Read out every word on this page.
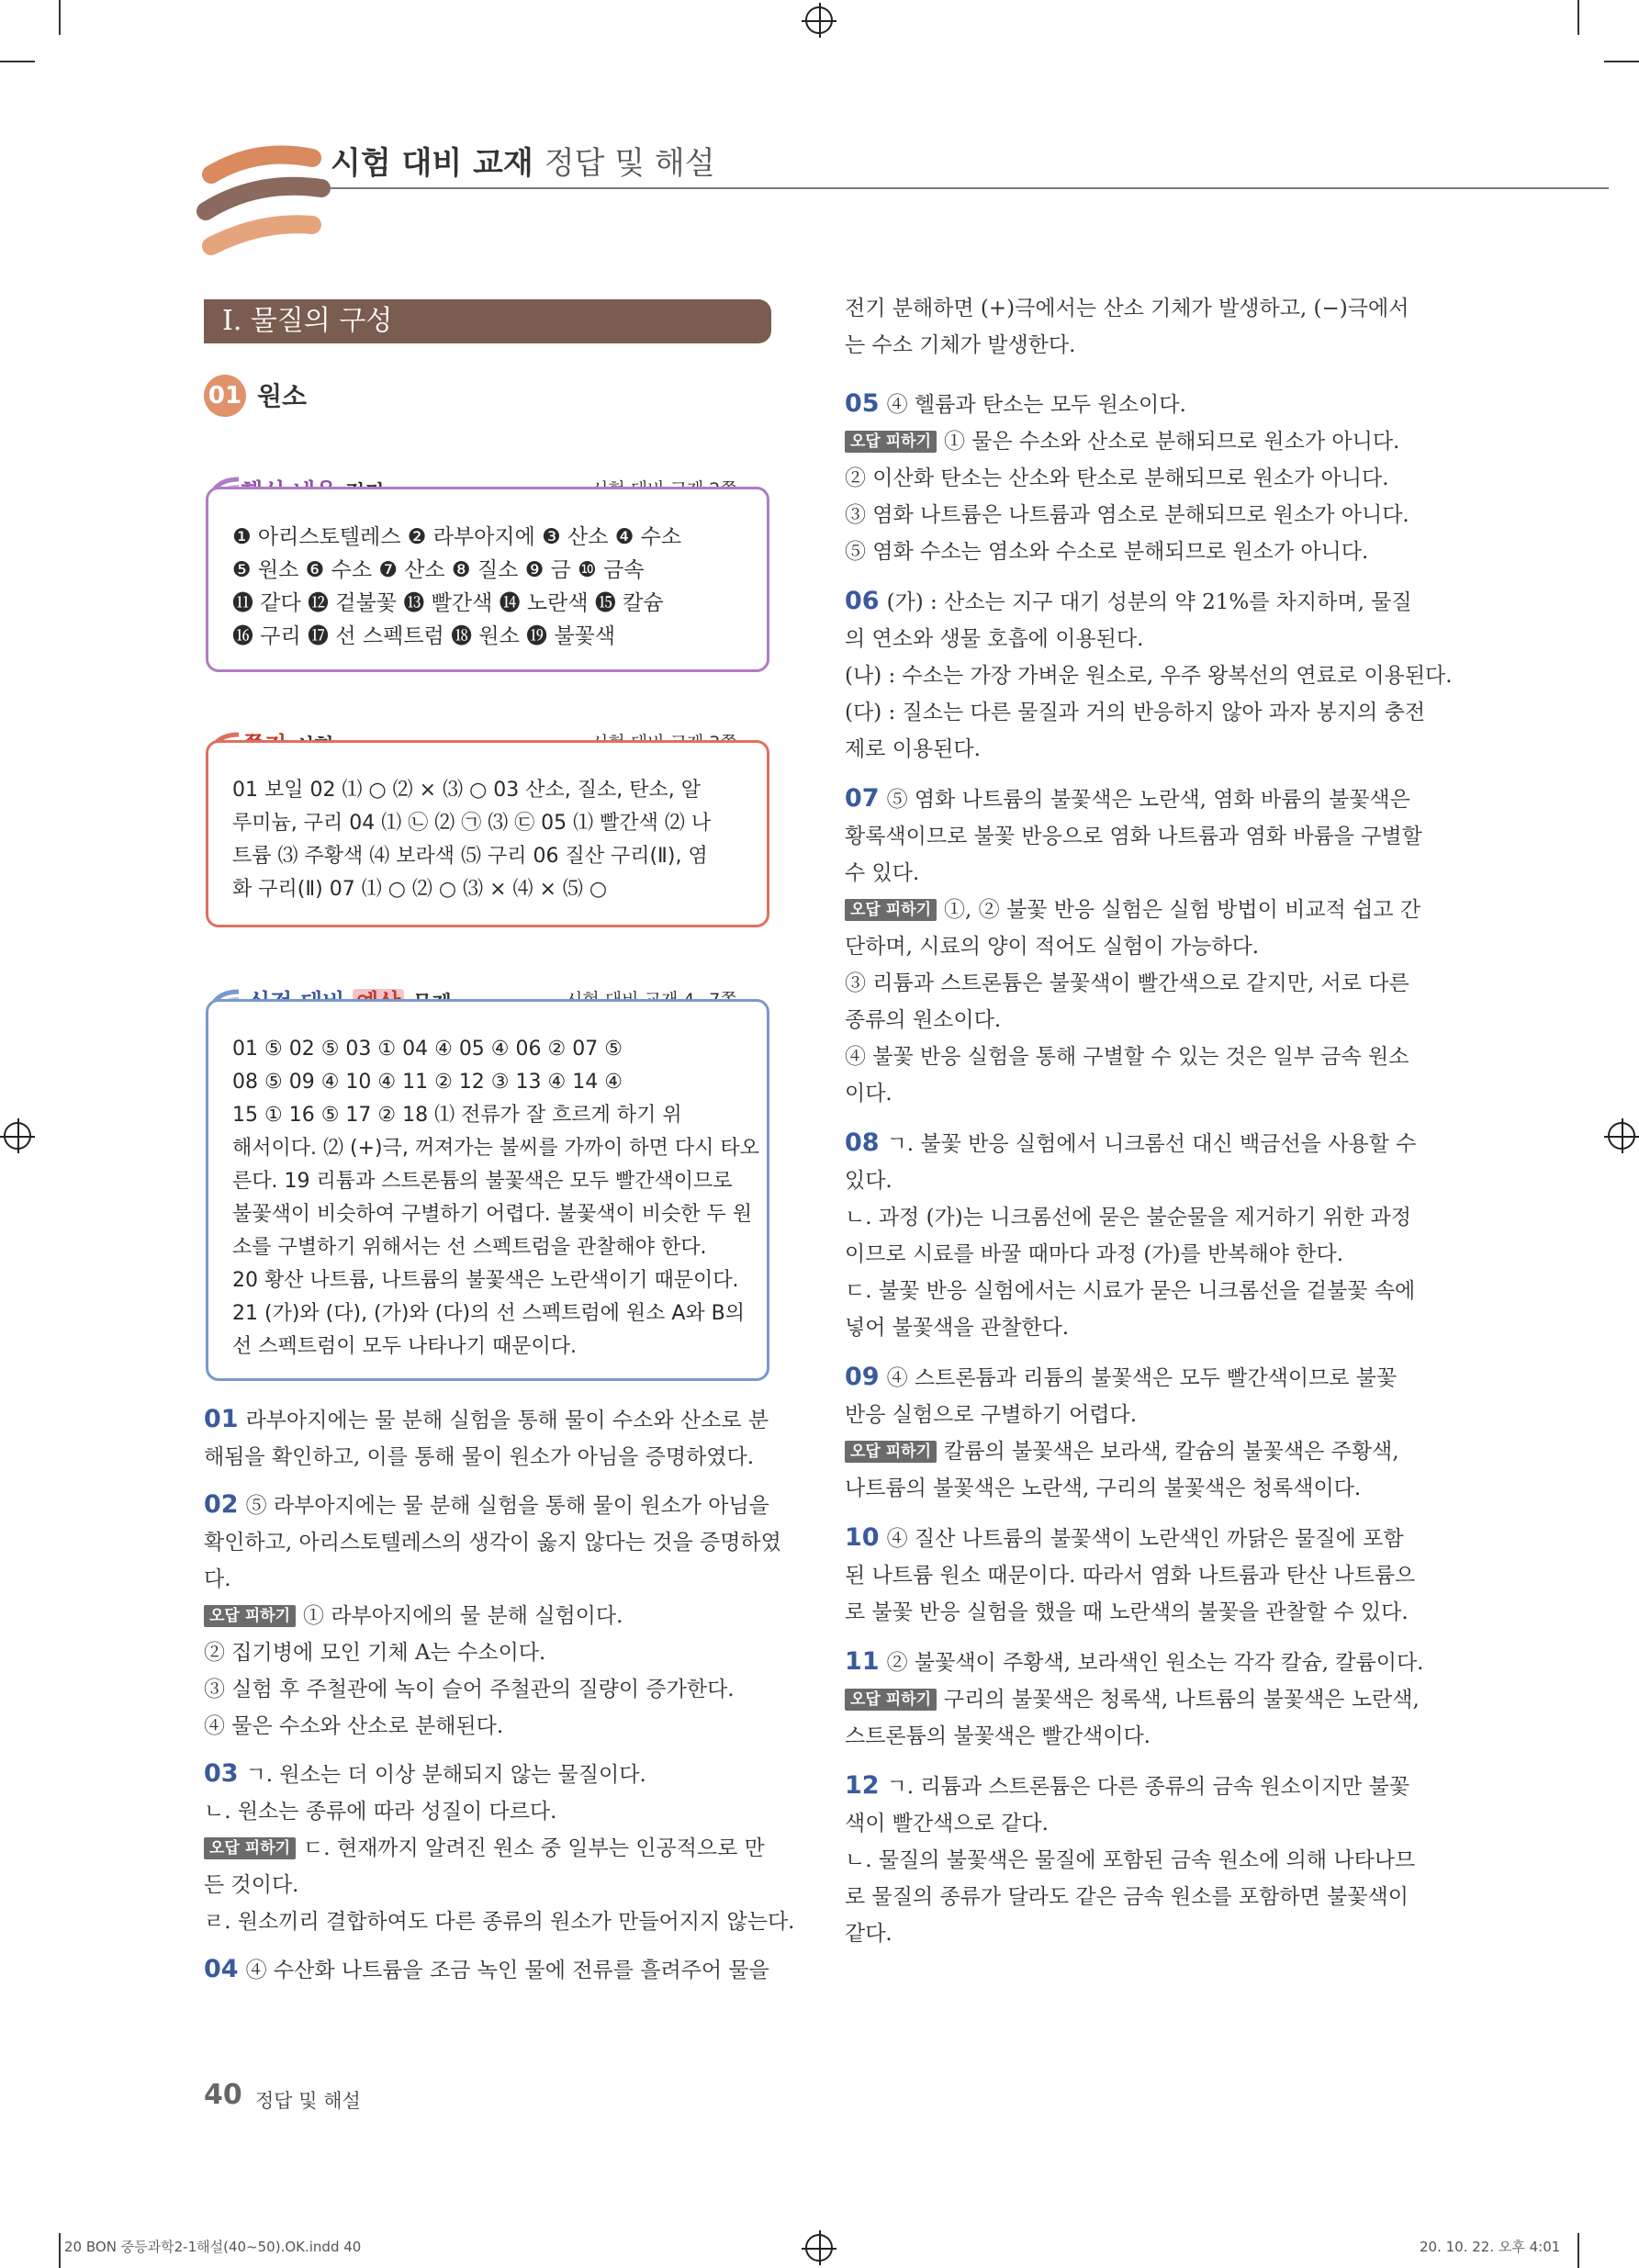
시험 대비 교재 정답 및 해설
Ⅰ. 물질의 구성
01 원소
❶ 아리스토텔레스 ❷ 라부아지에 ❸ 산소 ❹ 수소
❺ 원소 ❻ 수소 ❼ 산소 ❽ 질소 ❾ 금 ❿ 금속
⓫ 같다 ⓬ 겉불꽃 ⓭ 빨간색 ⓮ 노란색 ⓯ 칼슘
⓰ 구리 ⓱ 선 스펙트럼 ⓲ 원소 ⓳ 불꽃색
01 보일 02 ⑴ ○ ⑵ × ⑶ ○ 03 산소, 질소, 탄소, 알
루미늄, 구리 04 ⑴ ㉡ ⑵ ㉠ ⑶ ㉢ 05 ⑴ 빨간색 ⑵ 나
트륨 ⑶ 주황색 ⑷ 보라색 ⑸ 구리 06 질산 구리(Ⅱ), 염
화 구리(Ⅱ) 07 ⑴ ○ ⑵ ○ ⑶ × ⑷ × ⑸ ○
01 ⑤ 02 ⑤ 03 ① 04 ④ 05 ④ 06 ② 07 ⑤
08 ⑤ 09 ④ 10 ④ 11 ② 12 ③ 13 ④ 14 ④
15 ① 16 ⑤ 17 ② 18 ⑴ 전류가 잘 흐르게 하기 위
해서이다. ⑵ (+)극, 꺼져가는 불씨를 가까이 하면 다시 타오
른다. 19 리튬과 스트론튬의 불꽃색은 모두 빨간색이므로
불꽃색이 비슷하여 구별하기 어렵다. 불꽃색이 비슷한 두 원
소를 구별하기 위해서는 선 스펙트럼을 관찰해야 한다.
20 황산 나트륨, 나트륨의 불꽃색은 노란색이기 때문이다.
21 (가)와 (다), (가)와 (다)의 선 스펙트럼에 원소 A와 B의
선 스펙트럼이 모두 나타나기 때문이다.
01 라부아지에는 물 분해 실험을 통해 물이 수소와 산소로 분
해됨을 확인하고, 이를 통해 물이 원소가 아님을 증명하였다.
02 ⑤ 라부아지에는 물 분해 실험을 통해 물이 원소가 아님을
확인하고, 아리스토텔레스의 생각이 옳지 않다는 것을 증명하였
다.
오답 피하기 ① 라부아지에의 물 분해 실험이다.
② 집기병에 모인 기체 A는 수소이다.
③ 실험 후 주철관에 녹이 슬어 주철관의 질량이 증가한다.
④ 물은 수소와 산소로 분해된다.
03 ㄱ. 원소는 더 이상 분해되지 않는 물질이다.
ㄴ. 원소는 종류에 따라 성질이 다르다.
오답 피하기 ㄷ. 현재까지 알려진 원소 중 일부는 인공적으로 만
든 것이다.
ㄹ. 원소끼리 결합하여도 다른 종류의 원소가 만들어지지 않는다.
04 ④ 수산화 나트륨을 조금 녹인 물에 전류를 흘려주어 물을
전기 분해하면 (+)극에서는 산소 기체가 발생하고, (−)극에서
는 수소 기체가 발생한다.
05 ④ 헬륨과 탄소는 모두 원소이다.
오답 피하기 ① 물은 수소와 산소로 분해되므로 원소가 아니다.
② 이산화 탄소는 산소와 탄소로 분해되므로 원소가 아니다.
③ 염화 나트륨은 나트륨과 염소로 분해되므로 원소가 아니다.
⑤ 염화 수소는 염소와 수소로 분해되므로 원소가 아니다.
06 (가) : 산소는 지구 대기 성분의 약 21%를 차지하며, 물질
의 연소와 생물 호흡에 이용된다.
(나) : 수소는 가장 가벼운 원소로, 우주 왕복선의 연료로 이용된다.
(다) : 질소는 다른 물질과 거의 반응하지 않아 과자 봉지의 충전
제로 이용된다.
07 ⑤ 염화 나트륨의 불꽃색은 노란색, 염화 바륨의 불꽃색은
황록색이므로 불꽃 반응으로 염화 나트륨과 염화 바륨을 구별할
수 있다.
오답 피하기 ①, ② 불꽃 반응 실험은 실험 방법이 비교적 쉽고 간
단하며, 시료의 양이 적어도 실험이 가능하다.
③ 리튬과 스트론튬은 불꽃색이 빨간색으로 같지만, 서로 다른
종류의 원소이다.
④ 불꽃 반응 실험을 통해 구별할 수 있는 것은 일부 금속 원소
이다.
08 ㄱ. 불꽃 반응 실험에서 니크롬선 대신 백금선을 사용할 수
있다.
ㄴ. 과정 (가)는 니크롬선에 묻은 불순물을 제거하기 위한 과정
이므로 시료를 바꿀 때마다 과정 (가)를 반복해야 한다.
ㄷ. 불꽃 반응 실험에서는 시료가 묻은 니크롬선을 겉불꽃 속에
넣어 불꽃색을 관찰한다.
09 ④ 스트론튬과 리튬의 불꽃색은 모두 빨간색이므로 불꽃
반응 실험으로 구별하기 어렵다.
오답 피하기 칼륨의 불꽃색은 보라색, 칼슘의 불꽃색은 주황색,
나트륨의 불꽃색은 노란색, 구리의 불꽃색은 청록색이다.
10 ④ 질산 나트륨의 불꽃색이 노란색인 까닭은 물질에 포함
된 나트륨 원소 때문이다. 따라서 염화 나트륨과 탄산 나트륨으
로 불꽃 반응 실험을 했을 때 노란색의 불꽃을 관찰할 수 있다.
11 ② 불꽃색이 주황색, 보라색인 원소는 각각 칼슘, 칼륨이다.
오답 피하기 구리의 불꽃색은 청록색, 나트륨의 불꽃색은 노란색,
스트론튬의 불꽃색은 빨간색이다.
12 ㄱ. 리튬과 스트론튬은 다른 종류의 금속 원소이지만 불꽃
색이 빨간색으로 같다.
ㄴ. 물질의 불꽃색은 물질에 포함된 금속 원소에 의해 나타나므
로 물질의 종류가 달라도 같은 금속 원소를 포함하면 불꽃색이
같다.
40 정답 및 해설
20 BON 중등과학2-1해설(40~50).OK.indd 40	20. 10. 22. 오후 4:01
